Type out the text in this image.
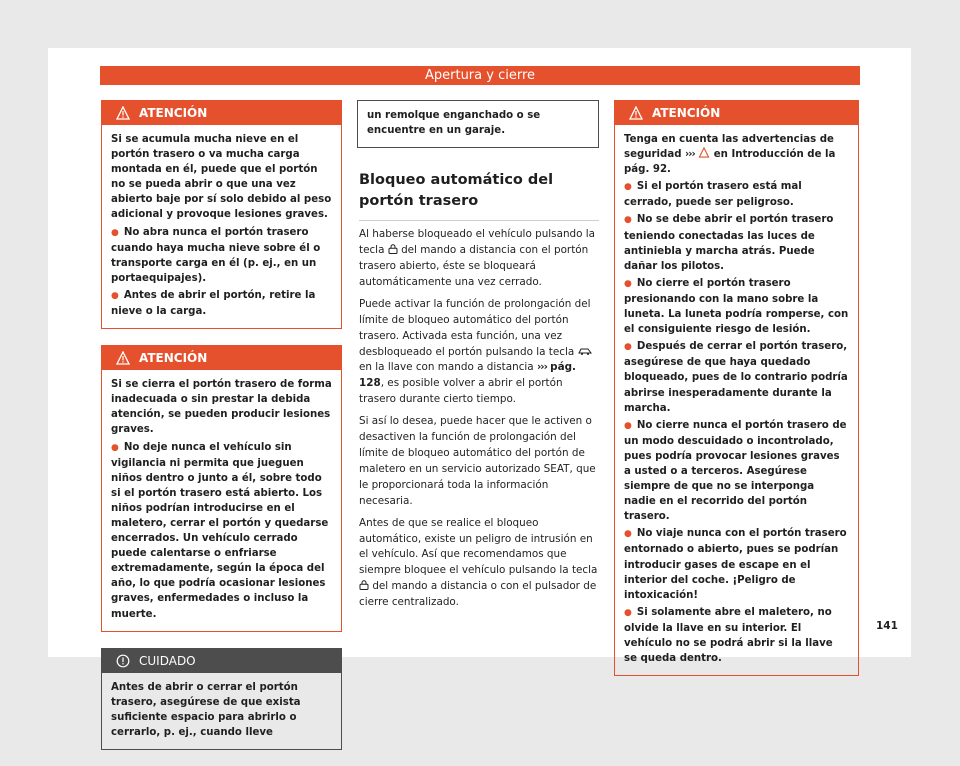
Apertura y cierre
ATENCIÓN

Si se acumula mucha nieve en el portón trasero o va mucha carga montada en él, puede que el portón no se pueda abrir o que una vez abierto baje por sí solo debido al peso adicional y provoque lesiones graves.

● No abra nunca el portón trasero cuando haya mucha nieve sobre él o transporte carga en él (p. ej., en un portaequipajes).

● Antes de abrir el portón, retire la nieve o la carga.

ATENCIÓN

Si se cierra el portón trasero de forma inadecuada o sin prestar la debida atención, se pueden producir lesiones graves.

● No deje nunca el vehículo sin vigilancia ni permita que jueguen niños dentro o junto a él, sobre todo si el portón trasero está abierto. Los niños podrían introducirse en el maletero, cerrar el portón y quedarse encerrados. Un vehículo cerrado puede calentarse o enfriarse extremadamente, según la época del año, lo que podría ocasionar lesiones graves, enfermedades o incluso la muerte.

CUIDADO

Antes de abrir o cerrar el portón trasero, asegúrese de que exista suficiente espacio para abrirlo o cerrarlo, p. ej., cuando lleve

un remolque enganchado o se encuentre en un garaje.

Bloqueo automático del portón trasero

Al haberse bloqueado el vehículo pulsando la tecla del mando a distancia con el portón trasero abierto, éste se bloqueará automáticamente una vez cerrado.

Puede activar la función de prolongación del límite de bloqueo automático del portón trasero. Activada esta función, una vez desbloqueado el portón pulsando la tecla  en la llave con mando a distancia ››› pág. 128, es posible volver a abrir el portón trasero durante cierto tiempo.

Si así lo desea, puede hacer que le activen o desactiven la función de prolongación del límite de bloqueo automático del portón de maletero en un servicio autorizado SEAT, que le proporcionará toda la información necesaria.

Antes de que se realice el bloqueo automático, existe un peligro de intrusión en el vehículo. Así que recomendamos que siempre bloquee el vehículo pulsando la tecla  del mando a distancia o con el pulsador de cierre centralizado.

ATENCIÓN

Tenga en cuenta las advertencias de seguridad ››› en Introducción de la pág. 92.

● Si el portón trasero está mal cerrado, puede ser peligroso.

● No se debe abrir el portón trasero teniendo conectadas las luces de antiniebla y marcha atrás. Puede dañar los pilotos.

● No cierre el portón trasero presionando con la mano sobre la luneta. La luneta podría romperse, con el consiguiente riesgo de lesión.

● Después de cerrar el portón trasero, asegúrese de que haya quedado bloqueado, pues de lo contrario podría abrirse inesperadamente durante la marcha.

● No cierre nunca el portón trasero de un modo descuidado o incontrolado, pues podría provocar lesiones graves a usted o a terceros. Asegúrese siempre de que no se interponga nadie en el recorrido del portón trasero.

● No viaje nunca con el portón trasero entornado o abierto, pues se podrían introducir gases de escape en el interior del coche. ¡Peligro de intoxicación!

● Si solamente abre el maletero, no olvide la llave en su interior. El vehículo no se podrá abrir si la llave se queda dentro.

141
